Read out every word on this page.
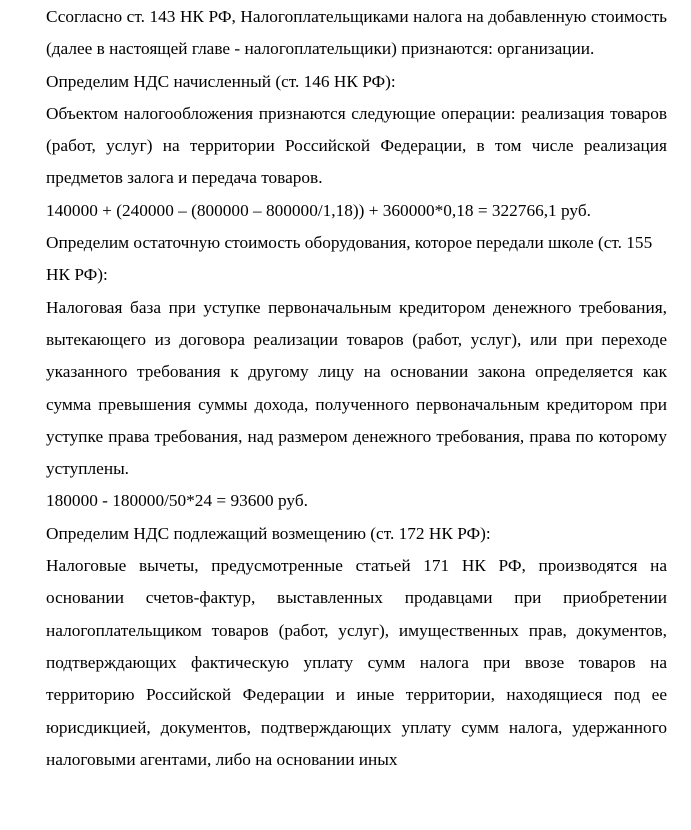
Ссогласно ст. 143 НК РФ, Налогоплательщиками налога на добавленную стоимость (далее в настоящей главе - налогоплательщики) признаются: организации.

Определим НДС начисленный (ст. 146 НК РФ):

Объектом налогообложения признаются следующие операции: реализация товаров (работ, услуг) на территории Российской Федерации, в том числе реализация предметов залога и передача товаров.

140000 + (240000 – (800000 – 800000/1,18)) + 360000*0,18 = 322766,1 руб.

Определим остаточную стоимость оборудования, которое передали школе (ст. 155 НК РФ):

Налоговая база при уступке первоначальным кредитором денежного требования, вытекающего из договора реализации товаров (работ, услуг), или при переходе указанного требования к другому лицу на основании закона определяется как сумма превышения суммы дохода, полученного первоначальным кредитором при уступке права требования, над размером денежного требования, права по которому уступлены.

180000 - 180000/50*24 = 93600 руб.

Определим НДС подлежащий возмещению (ст. 172 НК РФ):

Налоговые вычеты, предусмотренные статьей 171 НК РФ, производятся на основании счетов-фактур, выставленных продавцами при приобретении налогоплательщиком товаров (работ, услуг), имущественных прав, документов, подтверждающих фактическую уплату сумм налога при ввозе товаров на территорию Российской Федерации и иные территории, находящиеся под ее юрисдикцией, документов, подтверждающих уплату сумм налога, удержанного налоговыми агентами, либо на основании иных
